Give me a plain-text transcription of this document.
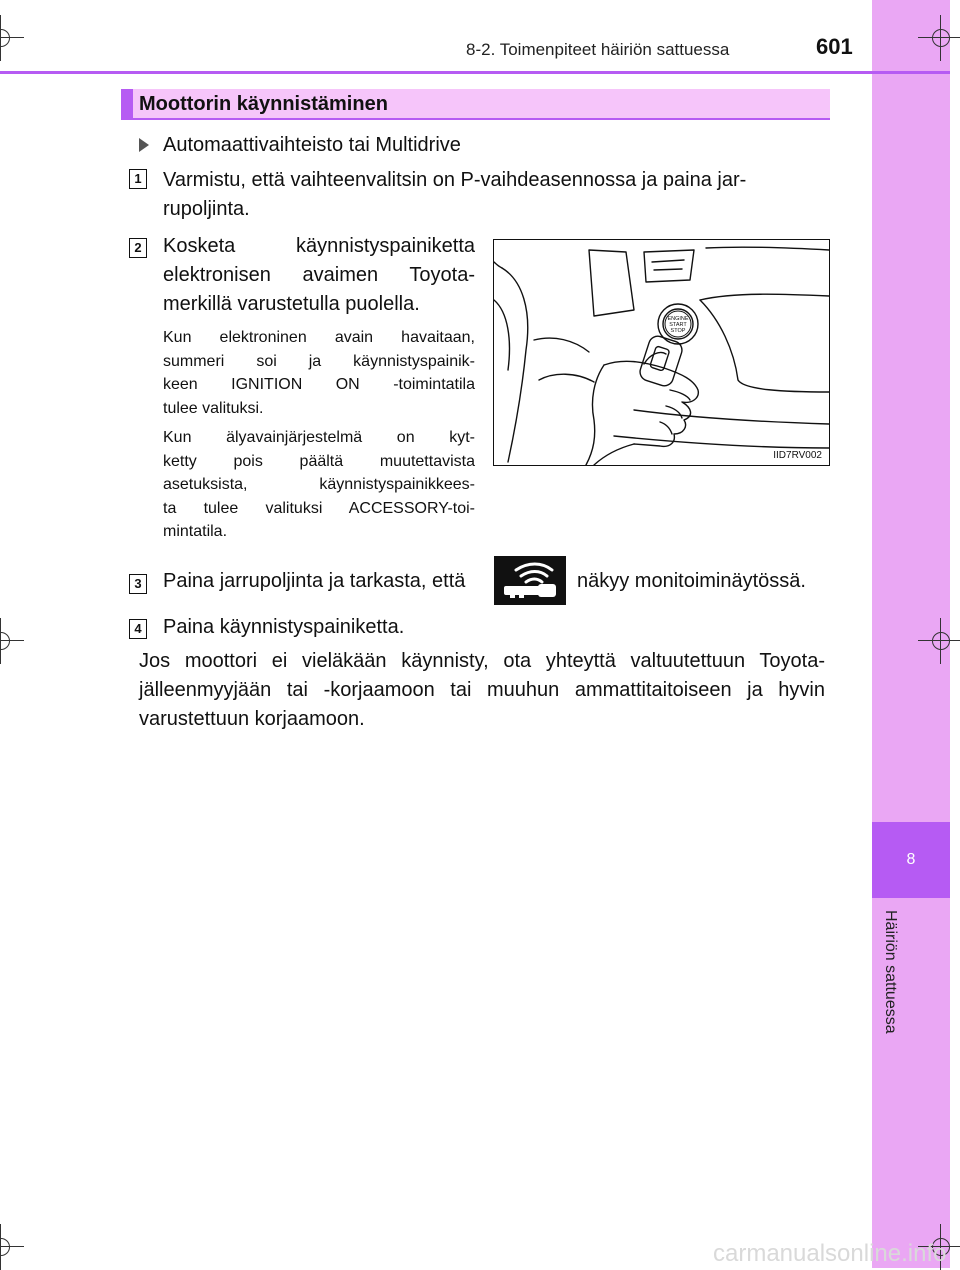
8
Häiriön sattuessa
8-2. Toimenpiteet häiriön sattuessa	601
Moottorin käynnistäminen
Automaattivaihteisto tai Multidrive
1 Varmistu, että vaihteenvalitsin on P-vaihdeasennossa ja paina jar-
rupoljinta.
2 Kosketa käynnistyspainiketta
elektronisen avaimen Toyota-
merkillä varustetulla puolella.
Kun elektroninen avain havaitaan,
summeri soi ja käynnistyspainik-
keen IGNITION ON -toimintatila
tulee valituksi.
Kun älyavainjärjestelmä on kyt-
ketty pois päältä muutettavista
asetuksista, käynnistyspainikkees-
ta tulee valituksi ACCESSORY-toi-
mintatila.
ENGINE
START
STOP
IID7RV002
3 Paina jarrupoljinta ja tarkasta, että	näkyy monitoiminäytössä.
4 Paina käynnistyspainiketta.
Jos moottori ei vieläkään käynnisty, ota yhteyttä valtuutettuun Toyota-
jälleenmyyjään tai -korjaamoon tai muuhun ammattitaitoiseen ja hyvin
varustettuun korjaamoon.
carmanualsonline.info
